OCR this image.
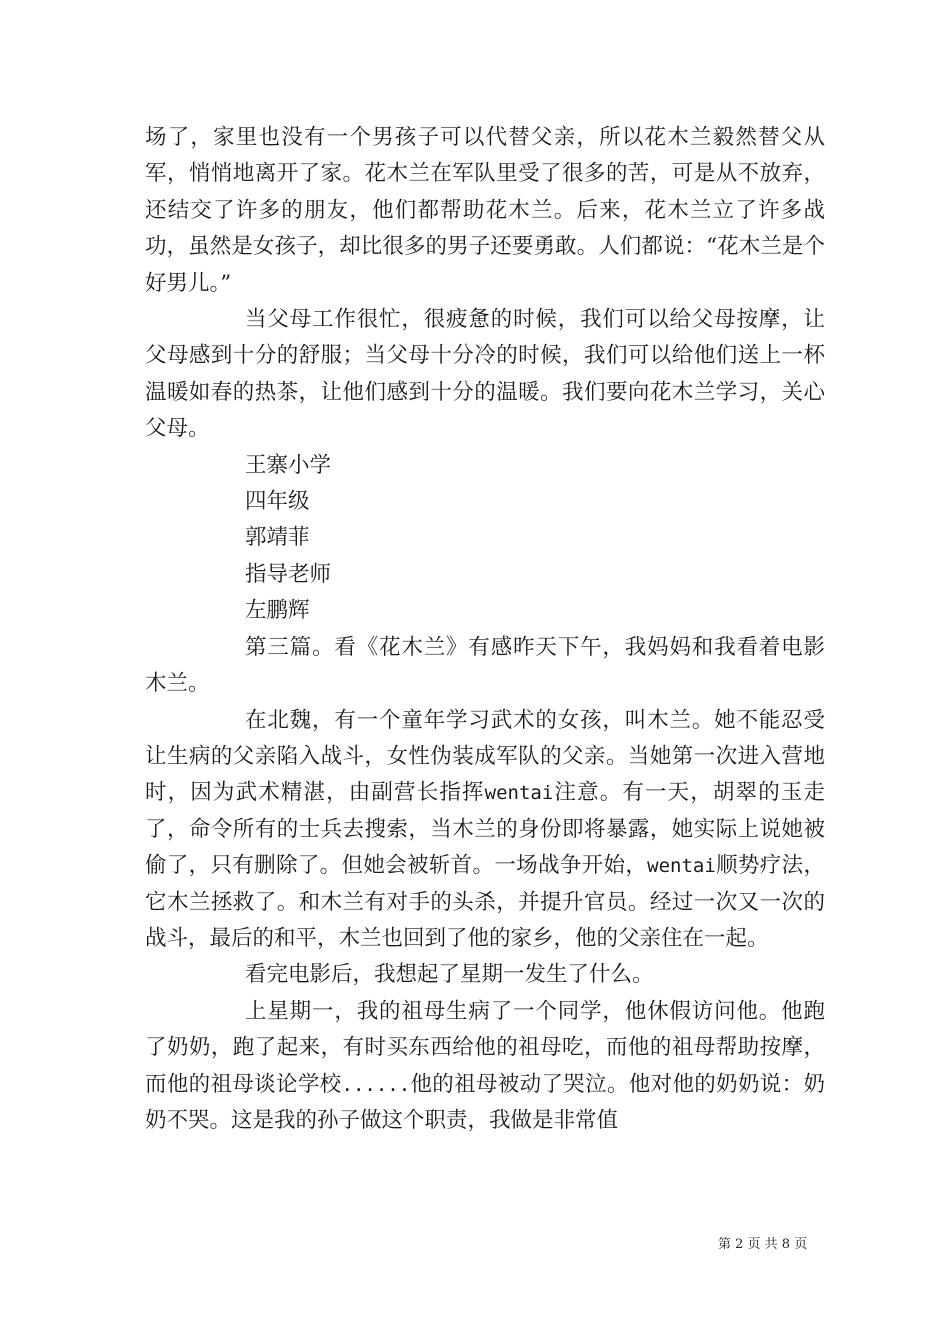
场了，家里也没有一个男孩子可以代替父亲，所以花木兰毅然替父从军，悄悄地离开了家。花木兰在军队里受了很多的苦，可是从不放弃，还结交了许多的朋友，他们都帮助花木兰。后来，花木兰立了许多战功，虽然是女孩子，却比很多的男子还要勇敢。人们都说：“花木兰是个好男儿。”

当父母工作很忙，很疲惫的时候，我们可以给父母按摩，让父母感到十分的舒服；当父母十分冷的时候，我们可以给他们送上一杯温暖如春的热茶，让他们感到十分的温暖。我们要向花木兰学习，关心父母。

王寨小学

四年级

郭靖菲

指导老师

左鹏辉

第三篇。看《花木兰》有感昨天下午，我妈妈和我看着电影木兰。

在北魏，有一个童年学习武术的女孩，叫木兰。她不能忍受让生病的父亲陷入战斗，女性伪装成军队的父亲。当她第一次进入营地时，因为武术精湛，由副营长指挥wentai注意。有一天，胡翠的玉走了，命令所有的士兵去搜索，当木兰的身份即将暴露，她实际上说她被偷了，只有删除了。但她会被斩首。一场战争开始，wentai顺势疗法，它木兰拯救了。和木兰有对手的头杀，并提升官员。经过一次又一次的战斗，最后的和平，木兰也回到了他的家乡，他的父亲住在一起。

看完电影后，我想起了星期一发生了什么。

上星期一，我的祖母生病了一个同学，他休假访问他。他跑了奶奶，跑了起来，有时买东西给他的祖母吃，而他的祖母帮助按摩，而他的祖母谈论学校......他的祖母被动了哭泣。他对他的奶奶说：奶奶不哭。这是我的孙子做这个职责，我做是非常值

第 2 页 共 8 页
